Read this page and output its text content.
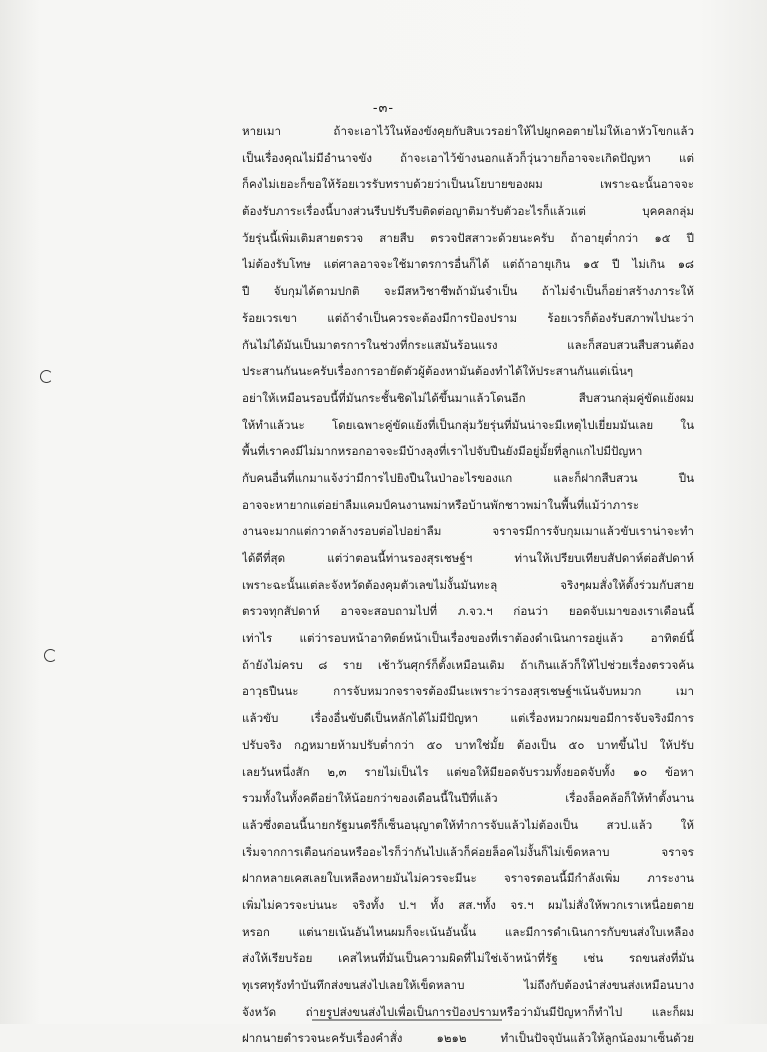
-๓-
หายเมา ถ้าจะเอาไว้ในห้องขังคุยกับสิบเวรอย่าให้ไปผูกคอตายไม่ให้เอาหัวโขกแล้ว
เป็นเรื่องคุณไม่มีอำนาจขัง ถ้าจะเอาไว้ข้างนอกแล้วก็วุ่นวายก็อาจจะเกิดปัญหา แต่
ก็คงไม่เยอะก็ขอให้ร้อยเวรรับทราบด้วยว่าเป็นนโยบายของผม เพราะฉะนั้นอาจจะ
ต้องรับภาระเรื่องนี้บางส่วนรีบปรับรีบติดต่อญาติมารับตัวอะไรก็แล้วแต่ บุคคลกลุ่ม
วัยรุ่นนี้เพิ่มเติมสายตรวจ สายสืบ ตรวจปัสสาวะด้วยนะครับ ถ้าอายุต่ำกว่า ๑๕ ปี
ไม่ต้องรับโทษ แต่ศาลอาจจะใช้มาตรการอื่นก็ได้ แต่ถ้าอายุเกิน ๑๕ ปี ไม่เกิน ๑๘
ปี จับกุมได้ตามปกติ จะมีสหวิชาชีพถ้ามันจำเป็น ถ้าไม่จำเป็นก็อย่าสร้างภาระให้
ร้อยเวรเขา แต่ถ้าจำเป็นควรจะต้องมีการป้องปราม ร้อยเวรก็ต้องรับสภาพไปนะว่า
กันไม่ได้มันเป็นมาตรการในช่วงที่กระแสมันร้อนแรง และก็สอบสวนสืบสวนต้อง
ประสานกันนะครับเรื่องการอายัดตัวผู้ต้องหามันต้องทำได้ให้ประสานกันแต่เนิ่นๆ
อย่าให้เหมือนรอบนี้ที่มันกระชั้นชิดไม่ได้ขึ้นมาแล้วโดนอีก สืบสวนกลุ่มคู่ขัดแย้งผม
ให้ทำแล้วนะ โดยเฉพาะคู่ขัดแย้งที่เป็นกลุ่มวัยรุ่นที่มันน่าจะมีเหตุไปเยี่ยมมันเลย ใน
พื้นที่เราคงมีไม่มากหรอกอาจจะมีบ้างลุงที่เราไปจับปืนยังมีอยู่มั้ยที่ลูกแกไปมีปัญหา
กับคนอื่นที่แกมาแจ้งว่ามีการไปยิงปืนในป่าอะไรของแก และก็ฝากสืบสวน ปืน
อาจจะหายากแต่อย่าลืมแคมป์คนงานพม่าหรือบ้านพักชาวพม่าในพื้นที่แม้ว่าภาระ
งานจะมากแต่กวาดล้างรอบต่อไปอย่าลืม จราจรมีการจับกุมเมาแล้วขับเราน่าจะทำ
ได้ดีที่สุด แต่ว่าตอนนี้ท่านรองสุรเชษฐ์ฯ ท่านให้เปรียบเทียบสัปดาห์ต่อสัปดาห์
เพราะฉะนั้นแต่ละจังหวัดต้องคุมตัวเลขไม่งั้นมันทะลุ จริงๆผมสั่งให้ตั้งร่วมกับสาย
ตรวจทุกสัปดาห์ อาจจะสอบถามไปที่ ภ.จว.ฯ ก่อนว่า ยอดจับเมาของเราเดือนนี้
เท่าไร แต่ว่ารอบหน้าอาทิตย์หน้าเป็นเรื่องของที่เราต้องดำเนินการอยู่แล้ว อาทิตย์นี้
ถ้ายังไม่ครบ ๘ ราย เช้าวันศุกร์ก็ตั้งเหมือนเดิม ถ้าเกินแล้วก็ให้ไปช่วยเรื่องตรวจค้น
อาวุธปืนนะ การจับหมวกจราจรต้องมีนะเพราะว่ารองสุรเชษฐ์ฯเน้นจับหมวก เมา
แล้วขับ เรื่องอื่นขับดีเป็นหลักได้ไม่มีปัญหา แต่เรื่องหมวกผมขอมีการจับจริงมีการ
ปรับจริง กฎหมายห้ามปรับต่ำกว่า ๕๐ บาทใช่มั้ย ต้องเป็น ๕๐ บาทขึ้นไป ให้ปรับ
เลยวันหนึ่งสัก ๒,๓ รายไม่เป็นไร แต่ขอให้มียอดจับรวมทั้งยอดจับทั้ง ๑๐ ข้อหา
รวมทั้งในทั้งคดีอย่าให้น้อยกว่าของเดือนนี้ในปีที่แล้ว เรื่องล็อคล้อก็ให้ทำตั้งนาน
แล้วซึ่งตอนนี้นายกรัฐมนตรีก็เซ็นอนุญาตให้ทำการจับแล้วไม่ต้องเป็น สวป.แล้ว ให้
เริ่มจากการเตือนก่อนหรืออะไรก็ว่ากันไปแล้วก็ค่อยล็อคไม่งั้นก็ไม่เข็ดหลาบ จราจร
ฝากหลายเคสเลยใบเหลืองหายมันไม่ควรจะมีนะ จราจรตอนนี้มีกำลังเพิ่ม ภาระงาน
เพิ่มไม่ควรจะบ่นนะ จริงทั้ง ป.ฯ ทั้ง สส.ฯทั้ง จร.ฯ ผมไม่สั่งให้พวกเราเหนื่อยตาย
หรอก แต่นายเน้นอันไหนผมก็จะเน้นอันนั้น และมีการดำเนินการกับขนส่งใบเหลือง
ส่งให้เรียบร้อย เคสไหนที่มันเป็นความผิดที่ไม่ใช่เจ้าหน้าที่รัฐ เช่น รถขนส่งที่มัน
ทุเรศทุรังทำบันทึกส่งขนส่งไปเลยให้เข็ดหลาบ ไม่ถึงกับต้องนำส่งขนส่งเหมือนบาง
จังหวัด ถ่ายรูปส่งขนส่งไปเพื่อเป็นการป้องปรามหรือว่ามันมีปัญหาก็ทำไป และก็ผม
ฝากนายตำรวจนะครับเรื่องคำสั่ง ๑๒๑๒ ทำเป็นปัจจุบันแล้วให้ลูกน้องมาเซ็นด้วย
